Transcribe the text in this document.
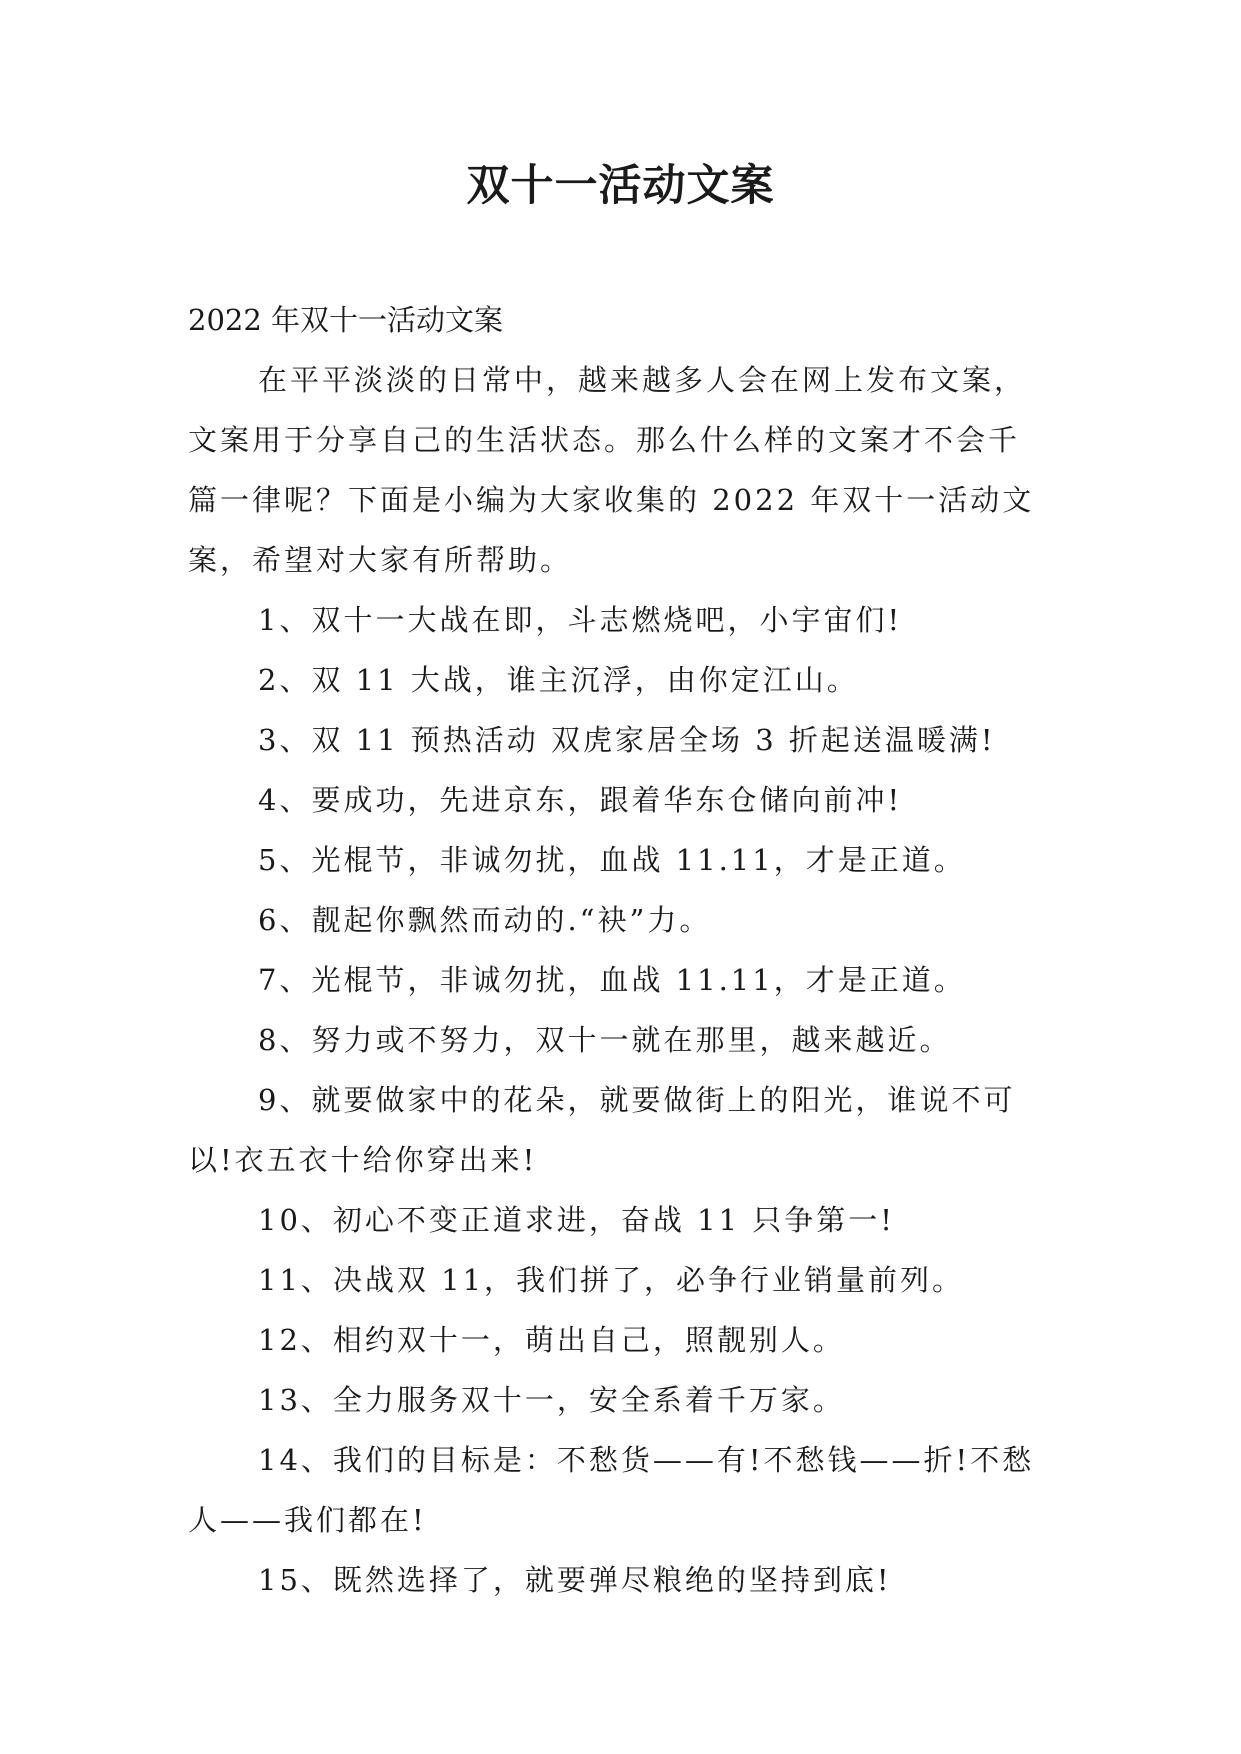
双十一活动文案

2022 年双十一活动文案

在平平淡淡的日常中，越来越多人会在网上发布文案，

文案用于分享自己的生活状态。那么什么样的文案才不会千

篇一律呢？下面是小编为大家收集的 2022 年双十一活动文

案，希望对大家有所帮助。

1、双十一大战在即，斗志燃烧吧，小宇宙们!

2、双 11 大战，谁主沉浮，由你定江山。

3、双 11 预热活动 双虎家居全场 3 折起送温暖满!

4、要成功，先进京东，跟着华东仓储向前冲!

5、光棍节，非诚勿扰，血战 11.11，才是正道。

6、靓起你飘然而动的.“袂”力。

7、光棍节，非诚勿扰，血战 11.11，才是正道。

8、努力或不努力，双十一就在那里，越来越近。

9、就要做家中的花朵，就要做街上的阳光，谁说不可

以!衣五衣十给你穿出来!

10、初心不变正道求进，奋战 11 只争第一!

11、决战双 11，我们拼了，必争行业销量前列。

12、相约双十一，萌出自己，照靓别人。

13、全力服务双十一，安全系着千万家。

14、我们的目标是：不愁货——有!不愁钱——折!不愁

人——我们都在!

15、既然选择了，就要弹尽粮绝的坚持到底!
